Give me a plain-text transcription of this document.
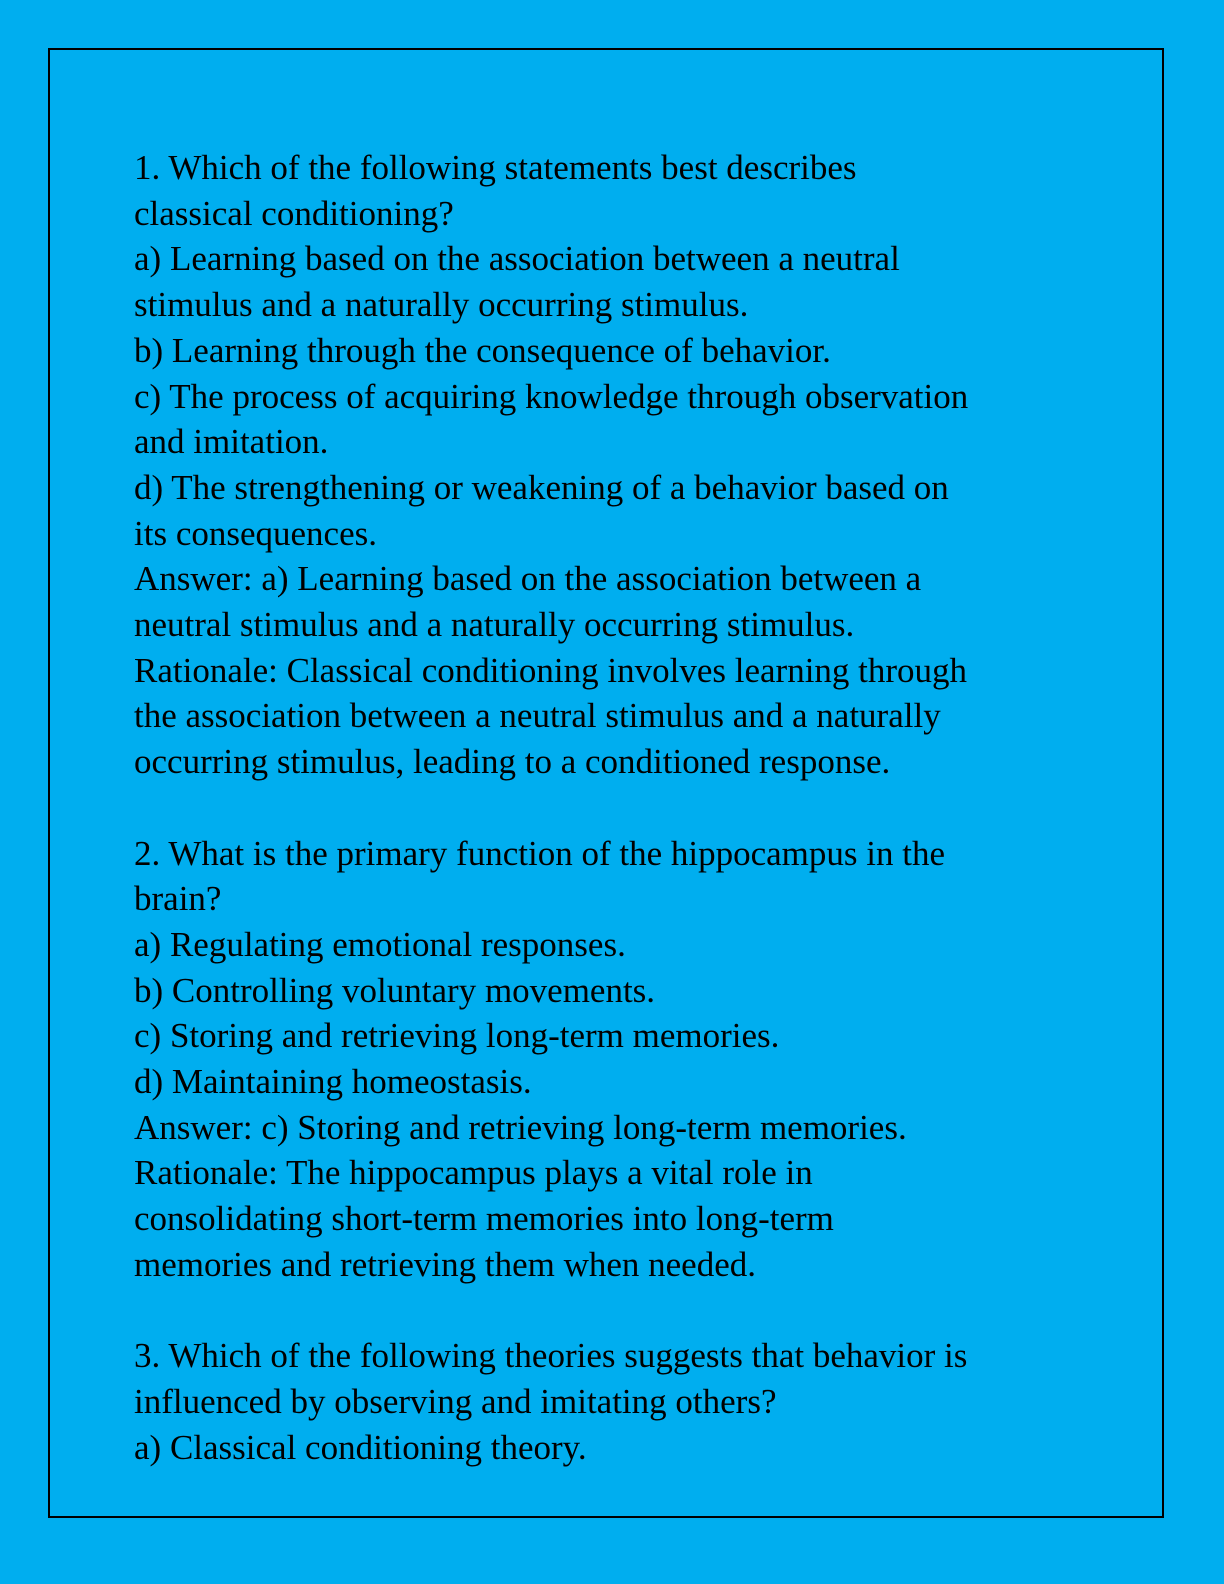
1. Which of the following statements best describes
classical conditioning?
a) Learning based on the association between a neutral
stimulus and a naturally occurring stimulus.
b) Learning through the consequence of behavior.
c) The process of acquiring knowledge through observation
and imitation.
d) The strengthening or weakening of a behavior based on
its consequences.
Answer: a) Learning based on the association between a
neutral stimulus and a naturally occurring stimulus.
Rationale: Classical conditioning involves learning through
the association between a neutral stimulus and a naturally
occurring stimulus, leading to a conditioned response.
2. What is the primary function of the hippocampus in the
brain?
a) Regulating emotional responses.
b) Controlling voluntary movements.
c) Storing and retrieving long-term memories.
d) Maintaining homeostasis.
Answer: c) Storing and retrieving long-term memories.
Rationale: The hippocampus plays a vital role in
consolidating short-term memories into long-term
memories and retrieving them when needed.
3. Which of the following theories suggests that behavior is
influenced by observing and imitating others?
a) Classical conditioning theory.
